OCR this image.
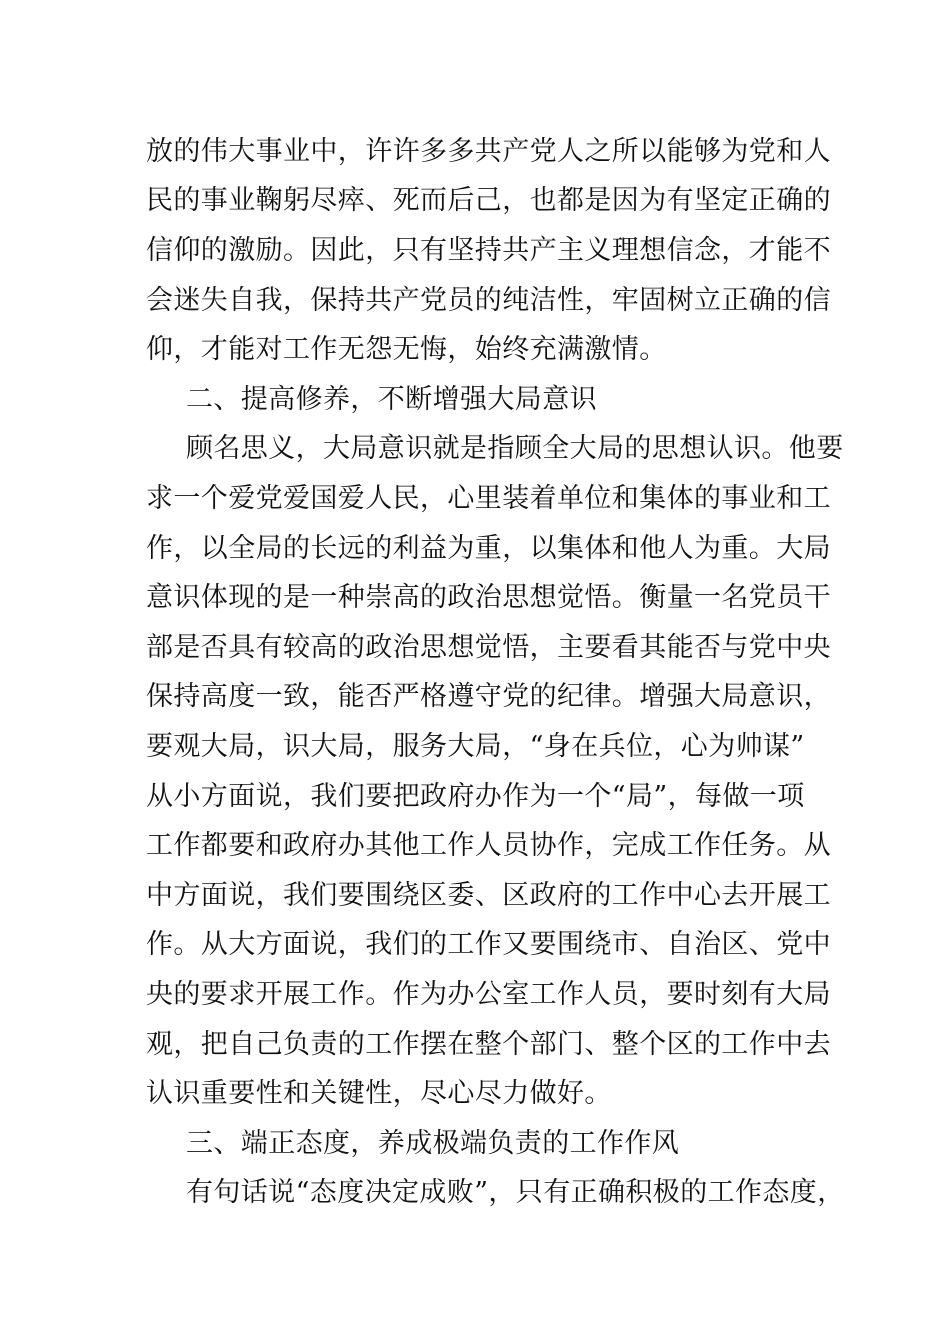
放的伟大事业中，许许多多共产党人之所以能够为党和人
民的事业鞠躬尽瘁、死而后己，也都是因为有坚定正确的
信仰的激励。因此，只有坚持共产主义理想信念，才能不
会迷失自我，保持共产党员的纯洁性，牢固树立正确的信
仰，才能对工作无怨无悔，始终充满激情。
二、提高修养，不断增强大局意识
顾名思义，大局意识就是指顾全大局的思想认识。他要
求一个爱党爱国爱人民，心里装着单位和集体的事业和工
作，以全局的长远的利益为重，以集体和他人为重。大局
意识体现的是一种崇高的政治思想觉悟。衡量一名党员干
部是否具有较高的政治思想觉悟，主要看其能否与党中央
保持高度一致，能否严格遵守党的纪律。增强大局意识，
要观大局，识大局，服务大局，“身在兵位，心为帅谋”
从小方面说，我们要把政府办作为一个“局”，每做一项
工作都要和政府办其他工作人员协作，完成工作任务。从
中方面说，我们要围绕区委、区政府的工作中心去开展工
作。从大方面说，我们的工作又要围绕市、自治区、党中
央的要求开展工作。作为办公室工作人员，要时刻有大局
观，把自己负责的工作摆在整个部门、整个区的工作中去
认识重要性和关键性，尽心尽力做好。
三、端正态度，养成极端负责的工作作风
有句话说“态度决定成败”，只有正确积极的工作态度，
